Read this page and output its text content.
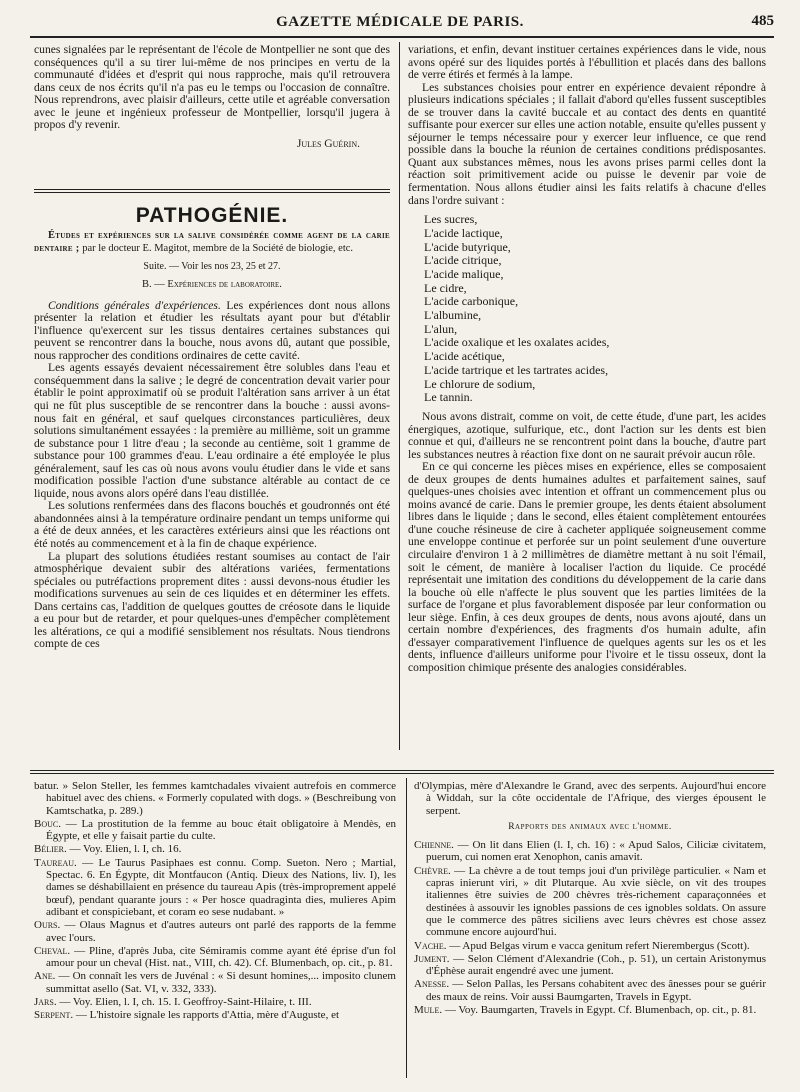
GAZETTE MÉDICALE DE PARIS.	485

cunes signalées par le représentant de l'école de Montpellier ne sont que des conséquences qu'il a su tirer lui-même de nos principes en vertu de la communauté d'idées et d'esprit qui nous rapproche, mais qu'il retrouvera dans ceux de nos écrits qu'il n'a pas eu le temps ou l'occasion de connaître. Nous reprendrons, avec plaisir d'ailleurs, cette utile et agréable conversation avec le jeune et ingénieux professeur de Montpellier, lorsqu'il jugera à propos d'y revenir.

Jules Guérin.

PATHOGÉNIE.

Études et expériences sur la salive considérée comme agent de la carie dentaire ; par le docteur E. Magitot, membre de la Société de biologie, etc.

Suite. — Voir les nos 23, 25 et 27.

B. — Expériences de laboratoire.

Conditions générales d'expériences. Les expériences dont nous allons présenter la relation et étudier les résultats ayant pour but d'établir l'influence qu'exercent sur les tissus dentaires certaines substances qui peuvent se rencontrer dans la bouche, nous avons dû, autant que possible, nous rapprocher des conditions ordinaires de cette cavité.

Les agents essayés devaient nécessairement être solubles dans l'eau et conséquemment dans la salive ; le degré de concentration devait varier pour établir le point approximatif où se produit l'altération sans arriver à un état qui ne fût plus susceptible de se rencontrer dans la bouche : aussi avons-nous fait en général, et sauf quelques circonstances particulières, deux solutions simultanément essayées : la première au millième, soit un gramme de substance pour 1 litre d'eau ; la seconde au centième, soit 1 gramme de substance pour 100 grammes d'eau. L'eau ordinaire a été employée le plus généralement, sauf les cas où nous avons voulu étudier dans le vide et sans modification possible l'action d'une substance altérable au contact de ce liquide, nous avons alors opéré dans l'eau distillée.

Les solutions renfermées dans des flacons bouchés et goudronnés ont été abandonnées ainsi à la température ordinaire pendant un temps uniforme qui a été de deux années, et les caractères extérieurs ainsi que les réactions ont été notés au commencement et à la fin de chaque expérience.

La plupart des solutions étudiées restant soumises au contact de l'air atmosphérique devaient subir des altérations variées, fermentations spéciales ou putréfactions proprement dites : aussi devons-nous étudier les modifications survenues au sein de ces liquides et en déterminer les effets. Dans certains cas, l'addition de quelques gouttes de créosote dans le liquide a eu pour but de retarder, et pour quelques-unes d'empêcher complètement les altérations, ce qui a modifié sensiblement nos résultats. Nous tiendrons compte de ces

variations, et enfin, devant instituer certaines expériences dans le vide, nous avons opéré sur des liquides portés à l'ébullition et placés dans des ballons de verre étirés et fermés à la lampe.

Les substances choisies pour entrer en expérience devaient répondre à plusieurs indications spéciales ; il fallait d'abord qu'elles fussent susceptibles de se trouver dans la cavité buccale et au contact des dents en quantité suffisante pour exercer sur elles une action notable, ensuite qu'elles pussent y séjourner le temps nécessaire pour y exercer leur influence, ce que rend possible dans la bouche la réunion de certaines conditions prédisposantes. Quant aux substances mêmes, nous les avons prises parmi celles dont la réaction soit primitivement acide ou puisse le devenir par voie de fermentation. Nous allons étudier ainsi les faits relatifs à chacune d'elles dans l'ordre suivant :

Les sucres,
L'acide lactique,
L'acide butyrique,
L'acide citrique,
L'acide malique,
Le cidre,
L'acide carbonique,
L'albumine,
L'alun,
L'acide oxalique et les oxalates acides,
L'acide acétique,
L'acide tartrique et les tartrates acides,
Le chlorure de sodium,
Le tannin.

Nous avons distrait, comme on voit, de cette étude, d'une part, les acides énergiques, azotique, sulfurique, etc., dont l'action sur les dents est bien connue et qui, d'ailleurs ne se rencontrent point dans la bouche, d'autre part les substances neutres à réaction fixe dont on ne saurait prévoir aucun rôle.

En ce qui concerne les pièces mises en expérience, elles se composaient de deux groupes de dents humaines adultes et parfaitement saines, sauf quelques-unes choisies avec intention et offrant un commencement plus ou moins avancé de carie. Dans le premier groupe, les dents étaient absolument libres dans le liquide ; dans le second, elles étaient complètement entourées d'une couche résineuse de cire à cacheter appliquée soigneusement comme une enveloppe continue et perforée sur un point seulement d'une ouverture circulaire d'environ 1 à 2 millimètres de diamètre mettant à nu soit l'émail, soit le cément, de manière à localiser l'action du liquide. Ce procédé représentait une imitation des conditions du développement de la carie dans la bouche où elle n'affecte le plus souvent que les parties limitées de la surface de l'organe et plus favorablement disposée par leur conformation ou leur siège. Enfin, à ces deux groupes de dents, nous avons ajouté, dans un certain nombre d'expériences, des fragments d'os humain adulte, afin d'essayer comparativement l'influence de quelques agents sur les os et les dents, influence d'ailleurs uniforme pour l'ivoire et le tissu osseux, dont la composition chimique présente des analogies considérables.

batur. » Selon Steller, les femmes kamtchadales vivaient autrefois en commerce habituel avec des chiens. « Formerly copulated with dogs. » (Beschreibung von Kamtschatka, p. 289.)

Bouc. — La prostitution de la femme au bouc était obligatoire à Mendès, en Égypte, et elle y faisait partie du culte.

Bélier. — Voy. Elien, l. I, ch. 16.

Taureau. — Le Taurus Pasiphaes est connu. Comp. Sueton. Nero ; Martial, Spectac. 6. En Égypte, dit Montfaucon (Antiq. Dieux des Nations, liv. I), les dames se déshabillaient en présence du taureau Apis (très-improprement appelé bœuf), pendant quarante jours : « Per hosce quadraginta dies, mulieres Apim adibant et conspiciebant, et coram eo sese nudabant. »

Ours. — Olaus Magnus et d'autres auteurs ont parlé des rapports de la femme avec l'ours.

Cheval. — Pline, d'après Juba, cite Sémiramis comme ayant été éprise d'un fol amour pour un cheval (Hist. nat., VIII, ch. 42). Cf. Blumenbach, op. cit., p. 81.

Ane. — On connaît les vers de Juvénal : « Si desunt homines,... imposito clunem summittat asello (Sat. VI, v. 332, 333).

Jars. — Voy. Elien, l. I, ch. 15. I. Geoffroy-Saint-Hilaire, t. III.

Serpent. — L'histoire signale les rapports d'Attia, mère d'Auguste, et

d'Olympias, mère d'Alexandre le Grand, avec des serpents. Aujourd'hui encore à Widdah, sur la côte occidentale de l'Afrique, des vierges épousent le serpent.

Rapports des animaux avec l'homme.

Chienne. — On lit dans Elien (l. I, ch. 16) : « Apud Salos, Ciliciæ civitatem, puerum, cui nomen erat Xenophon, canis amavit.

Chèvre. — La chèvre a de tout temps joui d'un privilège particulier. « Nam et capras inierunt viri, » dit Plutarque. Au xvie siècle, on vit des troupes italiennes être suivies de 200 chèvres très-richement caparaçonnées et destinées à assouvir les ignobles passions de ces ignobles soldats. On assure que le commerce des pâtres siciliens avec leurs chèvres est chose assez commune encore aujourd'hui.

Vache. — Apud Belgas virum e vacca genitum refert Nierembergus (Scott).

Jument. — Selon Clément d'Alexandrie (Coh., p. 51), un certain Aristonymus d'Éphèse aurait engendré avec une jument.

Anesse. — Selon Pallas, les Persans cohabitent avec des ânesses pour se guérir des maux de reins. Voir aussi Baumgarten, Travels in Egypt.

Mule. — Voy. Baumgarten, Travels in Egypt. Cf. Blumenbach, op. cit., p. 81.
